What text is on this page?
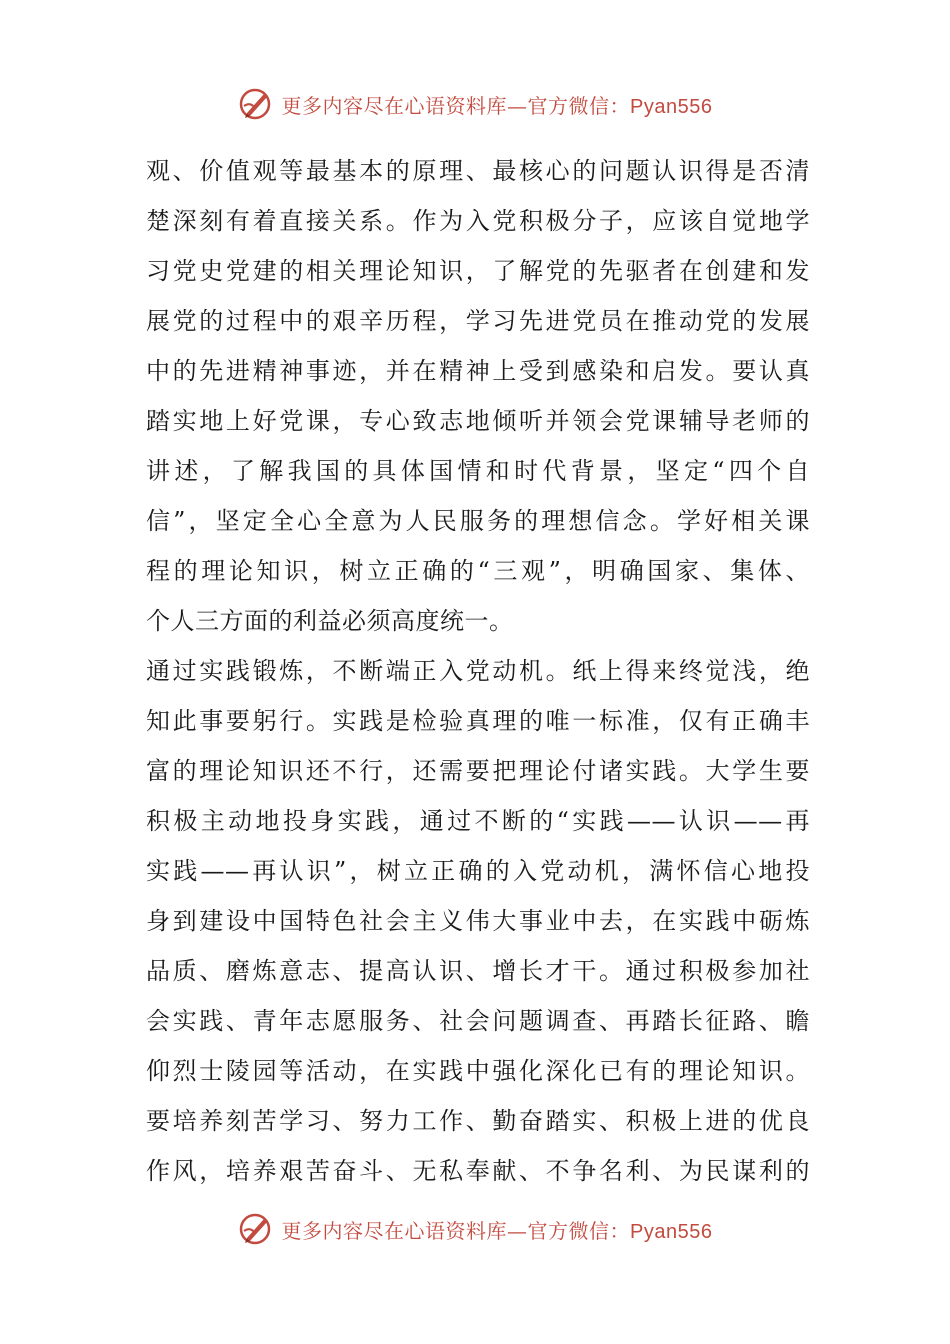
更多内容尽在心语资料库—官方微信：Pyan556
观、价值观等最基本的原理、最核心的问题认识得是否清
楚深刻有着直接关系。作为入党积极分子，应该自觉地学
习党史党建的相关理论知识，了解党的先驱者在创建和发
展党的过程中的艰辛历程，学习先进党员在推动党的发展
中的先进精神事迹，并在精神上受到感染和启发。要认真
踏实地上好党课，专心致志地倾听并领会党课辅导老师的
讲述，了解我国的具体国情和时代背景，坚定“四个自
信”，坚定全心全意为人民服务的理想信念。学好相关课
程的理论知识，树立正确的“三观”，明确国家、集体、
个人三方面的利益必须高度统一。
通过实践锻炼，不断端正入党动机。纸上得来终觉浅，绝
知此事要躬行。实践是检验真理的唯一标准，仅有正确丰
富的理论知识还不行，还需要把理论付诸实践。大学生要
积极主动地投身实践，通过不断的“实践——认识——再
实践——再认识”，树立正确的入党动机，满怀信心地投
身到建设中国特色社会主义伟大事业中去，在实践中砺炼
品质、磨炼意志、提高认识、增长才干。通过积极参加社
会实践、青年志愿服务、社会问题调查、再踏长征路、瞻
仰烈士陵园等活动，在实践中强化深化已有的理论知识。
要培养刻苦学习、努力工作、勤奋踏实、积极上进的优良
作风，培养艰苦奋斗、无私奉献、不争名利、为民谋利的
更多内容尽在心语资料库—官方微信：Pyan556
